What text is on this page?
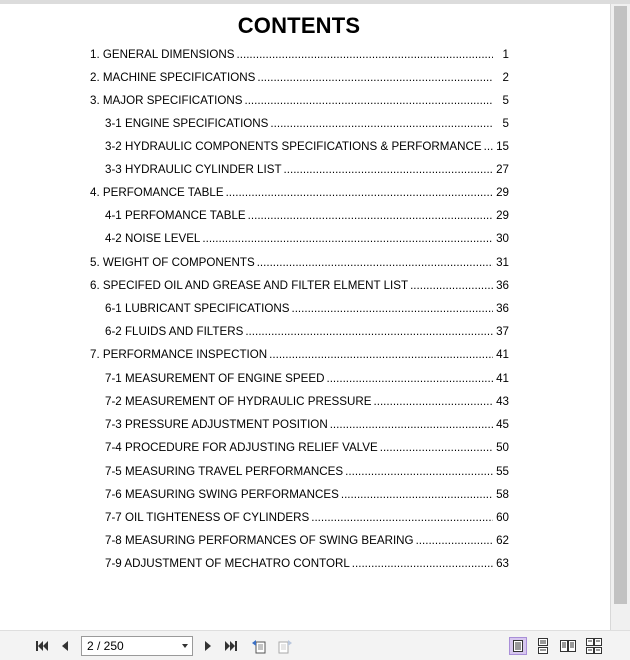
CONTENTS
1. GENERAL DIMENSIONS .....	1
2. MACHINE SPECIFICATIONS .....	2
3. MAJOR SPECIFICATIONS .....	5
3-1 ENGINE SPECIFICATIONS .....	5
3-2 HYDRAULIC COMPONENTS SPECIFICATIONS & PERFORMANCE ..... 15
3-3 HYDRAULIC CYLINDER LIST .....	27
4. PERFOMANCE TABLE .....	29
4-1 PERFOMANCE TABLE .....	29
4-2 NOISE LEVEL .....	30
5. WEIGHT OF COMPONENTS .....	31
6. SPECIFED OIL AND GREASE AND FILTER ELMENT LIST .....	36
6-1 LUBRICANT SPECIFICATIONS .....	36
6-2 FLUIDS AND FILTERS .....	37
7. PERFORMANCE INSPECTION .....	41
7-1 MEASUREMENT OF ENGINE SPEED .....	41
7-2 MEASUREMENT OF HYDRAULIC PRESSURE .....	43
7-3 PRESSURE ADJUSTMENT POSITION .....	45
7-4 PROCEDURE FOR ADJUSTING RELIEF VALVE .....	50
7-5 MEASURING TRAVEL PERFORMANCES .....	55
7-6 MEASURING SWING PERFORMANCES .....	58
7-7 OIL TIGHTENESS OF CYLINDERS .....	60
7-8 MEASURING PERFORMANCES OF SWING BEARING .....	62
7-9 ADJUSTMENT OF MECHATRO CONTORL .....	63
2 / 250
